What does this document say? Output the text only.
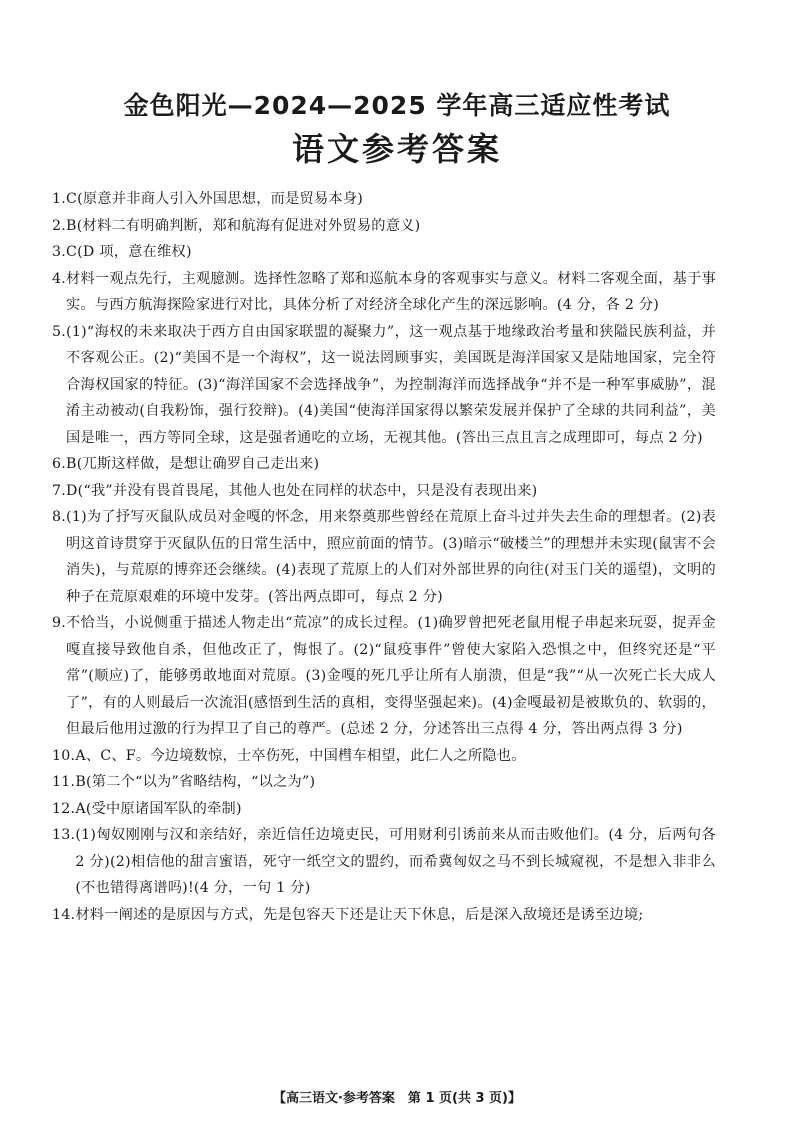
金色阳光—2024—2025 学年高三适应性考试
语文参考答案
1. C(原意并非商人引入外国思想，而是贸易本身)
2. B(材料二有明确判断，郑和航海有促进对外贸易的意义)
3. C(D 项，意在维权)
4. 材料一观点先行，主观臆测。选择性忽略了郑和巡航本身的客观事实与意义。材料二客观全面，基于事实。与西方航海探险家进行对比，具体分析了对经济全球化产生的深远影响。(4 分，各 2 分)
5. (1)“海权的未来取决于西方自由国家联盟的凝聚力”，这一观点基于地缘政治考量和狭隘民族利益，并不客观公正。(2)“美国不是一个海权”，这一说法罔顾事实，美国既是海洋国家又是陆地国家，完全符合海权国家的特征。(3)“海洋国家不会选择战争”，为控制海洋而选择战争“并不是一种军事威胁”，混淆主动被动(自我粉饰，强行狡辩)。(4)美国“使海洋国家得以繁荣发展并保护了全球的共同利益”，美国是唯一，西方等同全球，这是强者通吃的立场，无视其他。(答出三点且言之成理即可，每点 2 分)
6. B(兀斯这样做，是想让确罗自己走出来)
7. D(“我”并没有畏首畏尾，其他人也处在同样的状态中，只是没有表现出来)
8. (1)为了抒写灭鼠队成员对金嘎的怀念，用来祭奠那些曾经在荒原上奋斗过并失去生命的理想者。(2)表明这首诗贯穿于灭鼠队伍的日常生活中，照应前面的情节。(3)暗示“破楼兰”的理想并未实现(鼠害不会消失)，与荒原的博弈还会继续。(4)表现了荒原上的人们对外部世界的向往(对玉门关的遥望)，文明的种子在荒原艰难的环境中发芽。(答出两点即可，每点 2 分)
9. 不恰当，小说侧重于描述人物走出“荒凉”的成长过程。(1)确罗曾把死老鼠用棍子串起来玩耍，捉弄金嘎直接导致他自杀，但他改正了，悔恨了。(2)“鼠疫事件”曾使大家陷入恐惧之中，但终究还是“平常”(顺应)了，能够勇敢地面对荒原。(3)金嘎的死几乎让所有人崩溃，但是“我”“从一次死亡长大成人了”，有的人则最后一次流泪(感悟到生活的真相，变得坚强起来)。(4)金嘎最初是被欺负的、软弱的，但最后他用过激的行为捍卫了自己的尊严。(总述 2 分，分述答出三点得 4 分，答出两点得 3 分)
10. A、C、F。今边境数惊，士卒伤死，中国槥车相望，此仁人之所隐也。
11. B(第二个“以为”省略结构，“以之为”)
12. A(受中原诸国军队的牵制)
13. (1)匈奴刚刚与汉和亲结好，亲近信任边境吏民，可用财利引诱前来从而击败他们。(4 分，后两句各 2 分)(2)相信他的甜言蜜语，死守一纸空文的盟约，而希冀匈奴之马不到长城窥视，不是想入非非么(不也错得离谱吗)!(4 分，一句 1 分)
14. 材料一阐述的是原因与方式，先是包容天下还是让天下休息，后是深入敌境还是诱至边境;
【高三语文·参考答案　第 1 页(共 3 页)】
